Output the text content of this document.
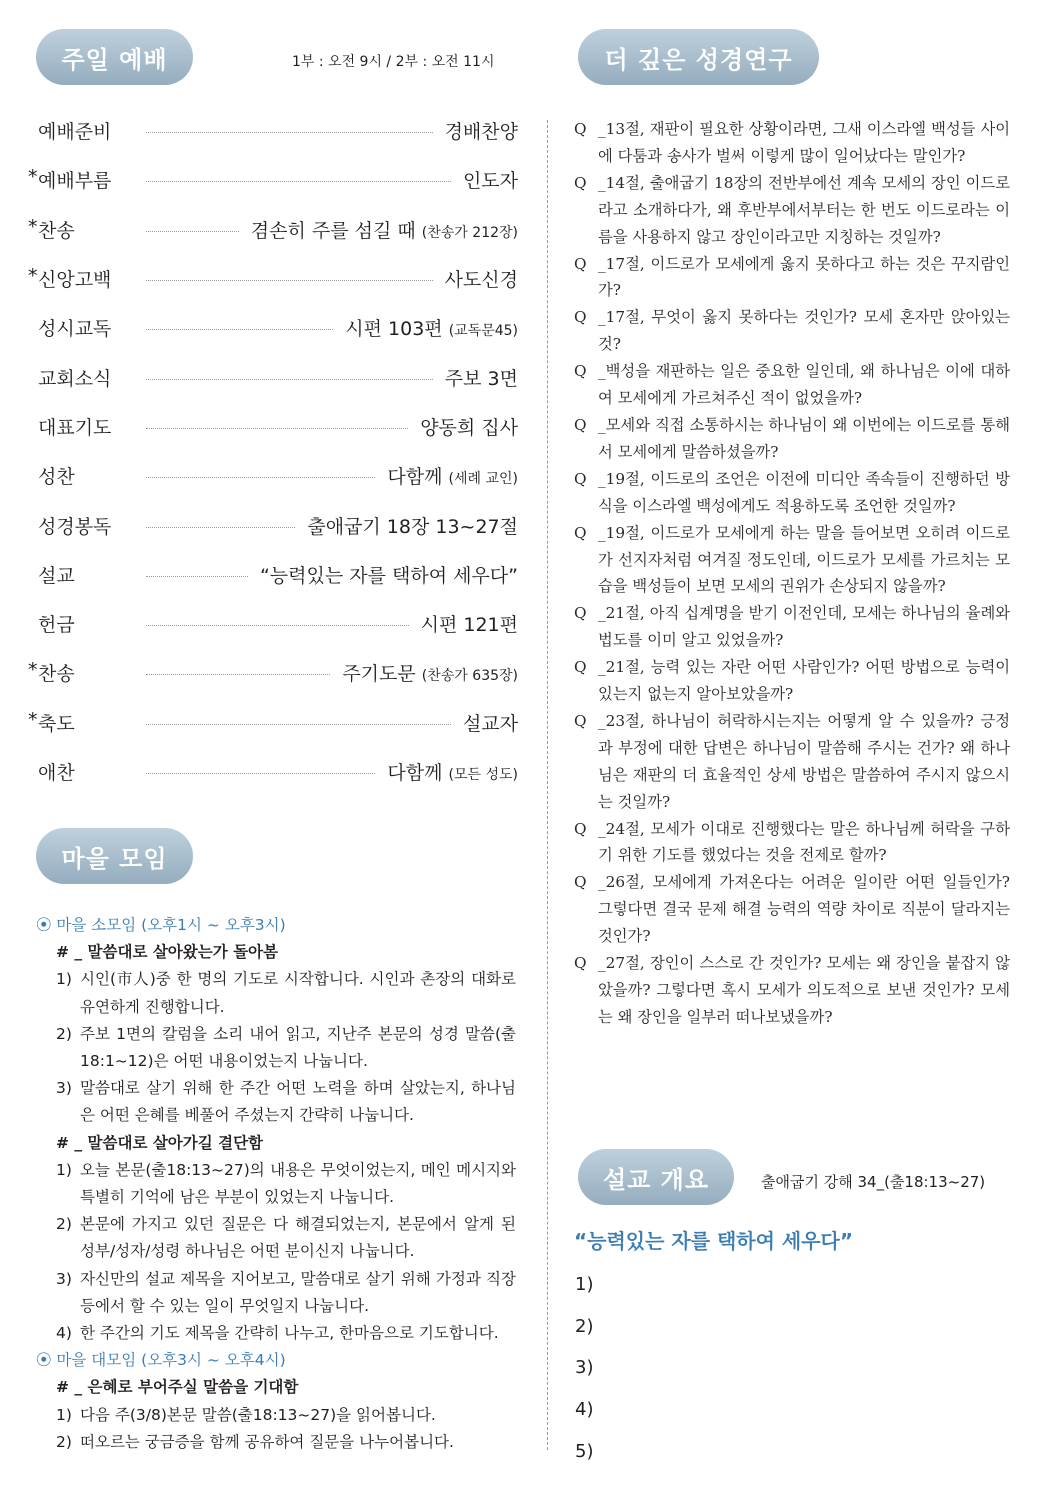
주일 예배	1부 : 오전 9시 / 2부 : 오전 11시	더 깊은 성경연구
예배준비	경배찬양
* 예배부름	인도자
* 찬송	겸손히 주를 섬길 때 (찬송가 212장)
* 신앙고백	사도신경
성시교독	시편 103편 (교독문45)
교회소식	주보 3면
대표기도	양동희 집사
성찬	다함께 (세례 교인)
성경봉독	출애굽기 18장 13~27절
설교	“능력있는 자를 택하여 세우다”
헌금	시편 121편
* 찬송	주기도문 (찬송가 635장)
* 축도	설교자
애찬	다함께 (모든 성도)
마을 모임
⦿ 마을 소모임 (오후1시 ~ 오후3시)
# _ 말씀대로 살아왔는가 돌아봄
1) 시인(市人)중 한 명의 기도로 시작합니다. 시인과 촌장의 대화로 유연하게 진행합니다.
2) 주보 1면의 칼럼을 소리 내어 읽고, 지난주 본문의 성경 말씀(출18:1~12)은 어떤 내용이었는지 나눕니다.
3) 말씀대로 살기 위해 한 주간 어떤 노력을 하며 살았는지, 하나님은 어떤 은혜를 베풀어 주셨는지 간략히 나눕니다.
# _ 말씀대로 살아가길 결단함
1) 오늘 본문(출18:13~27)의 내용은 무엇이었는지, 메인 메시지와 특별히 기억에 남은 부분이 있었는지 나눕니다.
2) 본문에 가지고 있던 질문은 다 해결되었는지, 본문에서 알게 된 성부/성자/성령 하나님은 어떤 분이신지 나눕니다.
3) 자신만의 설교 제목을 지어보고, 말씀대로 살기 위해 가정과 직장 등에서 할 수 있는 일이 무엇일지 나눕니다.
4) 한 주간의 기도 제목을 간략히 나누고, 한마음으로 기도합니다.
⦿ 마을 대모임 (오후3시 ~ 오후4시)
# _ 은혜로 부어주실 말씀을 기대함
1) 다음 주(3/8)본문 말씀(출18:13~27)을 읽어봅니다.
2) 떠오르는 궁금증을 함께 공유하여 질문을 나누어봅니다.
Q _13절, 재판이 필요한 상황이라면, 그새 이스라엘 백성들 사이에 다툼과 송사가 벌써 이렇게 많이 일어났다는 말인가?
Q _14절, 출애굽기 18장의 전반부에선 계속 모세의 장인 이드로라고 소개하다가, 왜 후반부에서부터는 한 번도 이드로라는 이름을 사용하지 않고 장인이라고만 지칭하는 것일까?
Q _17절, 이드로가 모세에게 옳지 못하다고 하는 것은 꾸지람인가?
Q _17절, 무엇이 옳지 못하다는 것인가? 모세 혼자만 앉아있는 것?
Q _백성을 재판하는 일은 중요한 일인데, 왜 하나님은 이에 대하여 모세에게 가르쳐주신 적이 없었을까?
Q _모세와 직접 소통하시는 하나님이 왜 이번에는 이드로를 통해서 모세에게 말씀하셨을까?
Q _19절, 이드로의 조언은 이전에 미디안 족속들이 진행하던 방식을 이스라엘 백성에게도 적용하도록 조언한 것일까?
Q _19절, 이드로가 모세에게 하는 말을 들어보면 오히려 이드로가 선지자처럼 여겨질 정도인데, 이드로가 모세를 가르치는 모습을 백성들이 보면 모세의 권위가 손상되지 않을까?
Q _21절, 아직 십계명을 받기 이전인데, 모세는 하나님의 율례와 법도를 이미 알고 있었을까?
Q _21절, 능력 있는 자란 어떤 사람인가? 어떤 방법으로 능력이 있는지 없는지 알아보았을까?
Q _23절, 하나님이 허락하시는지는 어떻게 알 수 있을까? 긍정과 부정에 대한 답변은 하나님이 말씀해 주시는 건가? 왜 하나님은 재판의 더 효율적인 상세 방법은 말씀하여 주시지 않으시는 것일까?
Q _24절, 모세가 이대로 진행했다는 말은 하나님께 허락을 구하기 위한 기도를 했었다는 것을 전제로 할까?
Q _26절, 모세에게 가져온다는 어려운 일이란 어떤 일들인가? 그렇다면 결국 문제 해결 능력의 역량 차이로 직분이 달라지는 것인가?
Q _27절, 장인이 스스로 간 것인가? 모세는 왜 장인을 붙잡지 않았을까? 그렇다면 혹시 모세가 의도적으로 보낸 것인가? 모세는 왜 장인을 일부러 떠나보냈을까?
설교 개요	출애굽기 강해 34_(출18:13~27)
“능력있는 자를 택하여 세우다”
1)
2)
3)
4)
5)
